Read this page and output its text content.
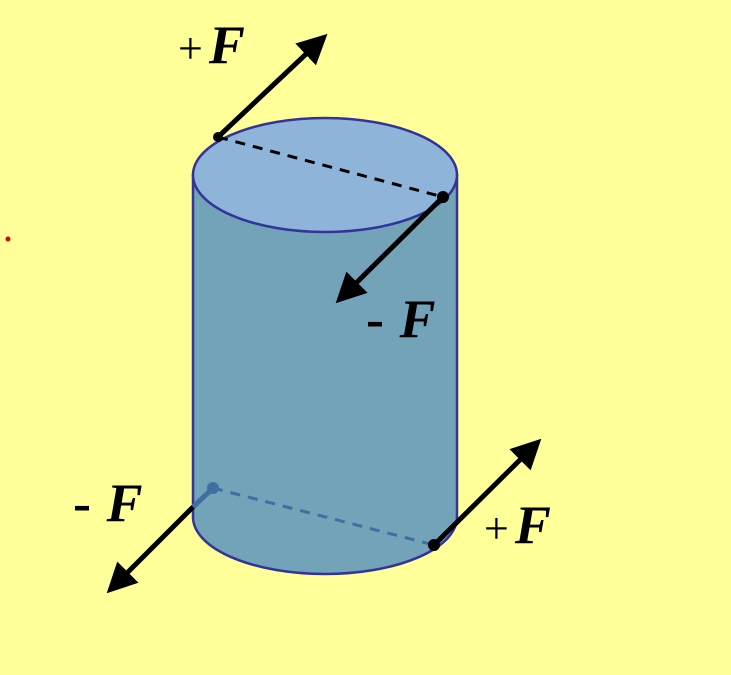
+ F
- F
- F	+ F
